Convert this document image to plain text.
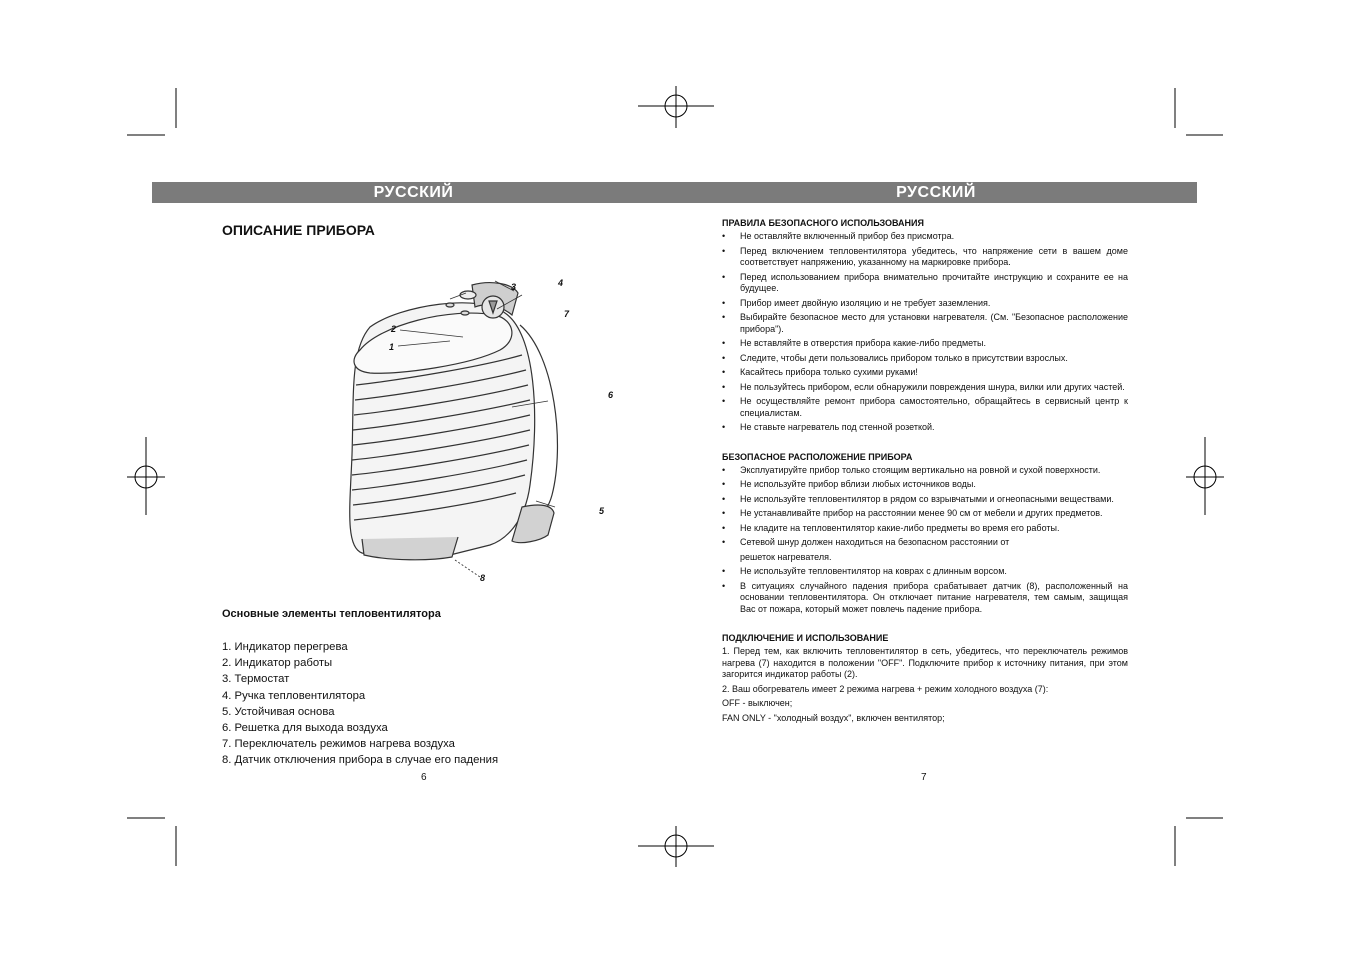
РУССКИЙ	РУССКИЙ
ОПИСАНИЕ ПРИБОРА
1
2
3	4
5
6
7
8
Основные элементы тепловентилятора
1. Индикатор перегрева
2. Индикатор работы
3. Термостат
4. Ручка тепловентилятора
5. Устойчивая основа
6. Решетка для выхода воздуха
7. Переключатель режимов нагрева воздуха
8. Датчик отключения прибора в случае его падения
6
ПРАВИЛА БЕЗОПАСНОГО ИСПОЛЬЗОВАНИЯ
• Не оставляйте включенный прибор без присмотра.
• Перед включением тепловентилятора убедитесь, что напряжение сети в вашем доме соответствует напряжению, указанному на маркировке прибора.
• Перед использованием прибора внимательно прочитайте инструкцию и сохраните ее на будущее.
• Прибор имеет двойную изоляцию и не требует заземления.
• Выбирайте безопасное место для установки нагревателя. (См. "Безопасное расположение прибора").
• Не вставляйте в отверстия прибора какие-либо предметы.
• Следите, чтобы дети пользовались прибором только в присутствии взрослых.
• Касайтесь прибора только сухими руками!
• Не пользуйтесь прибором, если обнаружили повреждения шнура, вилки или других частей.
• Не осуществляйте ремонт прибора самостоятельно, обращайтесь в сервисный центр к специалистам.
• Не ставьте нагреватель под стенной розеткой.
БЕЗОПАСНОЕ РАСПОЛОЖЕНИЕ ПРИБОРА
• Эксплуатируйте прибор только стоящим вертикально на ровной и сухой поверхности.
• Не используйте прибор вблизи любых источников воды.
• Не используйте тепловентилятор в рядом со взрывчатыми и огнеопасными веществами.
• Не устанавливайте прибор на расстоянии менее 90 см от мебели и других предметов.
• Не кладите на тепловентилятор какие-либо предметы во время его работы.
• Сетевой шнур должен находиться на безопасном расстоянии от
решеток нагревателя.
• Не используйте тепловентилятор на коврах с длинным ворсом.
• В ситуациях случайного падения прибора срабатывает датчик (8), расположенный на основании тепловентилятора. Он отключает питание нагревателя, тем самым, защищая Вас от пожара, который может повлечь падение прибора.
ПОДКЛЮЧЕНИЕ И ИСПОЛЬЗОВАНИЕ

1. Перед тем, как включить тепловентилятор в сеть, убедитесь, что переключатель режимов нагрева (7) находится в положении "OFF". Подключите прибор к источнику питания, при этом загорится индикатор работы (2).

2. Ваш обогреватель имеет 2 режима нагрева + режим холодного воздуха (7):

OFF - выключен;

FAN ONLY - "холодный воздух", включен вентилятор;

7
